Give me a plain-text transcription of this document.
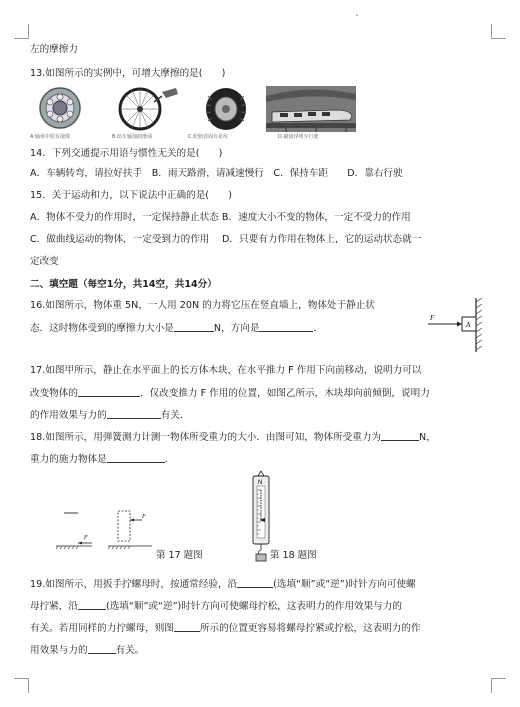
左的摩擦力
13.如图所示的实例中，可增大摩擦的是(　　)
A.轴承中装有滚珠	B.给车轴加润滑油	C.轮胎表面有花纹	D.磁悬浮列车行驶
14．下列交通提示用语与惯性无关的是(　　)
A．车辆转弯，请拉好扶手　B．雨天路滑，请减速慢行　C．保持车距　　D．靠右行驶
15．关于运动和力，以下说法中正确的是(　　)
A．物体不受力的作用时，一定保持静止状态 B．速度大小不变的物体，一定不受力的作用
C．做曲线运动的物体，一定受到力的作用　 D．只要有力作用在物体上，它的运动状态就一
定改变
二、填空题（每空1分，共14空，共14分）
16.如图所示，物体重 5N，一人用 20N 的力将它压在竖直墙上，物体处于静止状
态．这时物体受到的摩擦力大小是	N，方向是	．
F
A
17.如图甲所示，静止在水平面上的长方体木块，在水平推力 F 作用下向前移动，说明力可以
改变物体的	．仅改变推力 F 作用的位置，如图乙所示，木块却向前倾倒，说明力
的作用效果与力的	有关．
18.如图所示，用弹簧测力计测一物体所受重力的大小．由图可知，物体所受重力为	N，
重力的施力物体是	．
F
F
第 17 题图
N
第 18 题图
19.如图所示，用扳手拧螺母时，按通常经验，沿	(选填“顺”或“逆”)时针方向可使螺
母拧紧，沿	(选填“顺”或“逆”)时针方向可使螺母拧松，这表明力的作用效果与力的
有关。若用同样的力拧螺母，则图	所示的位置更容易将螺母拧紧或拧松，这表明力的作
用效果与力的	有关。
